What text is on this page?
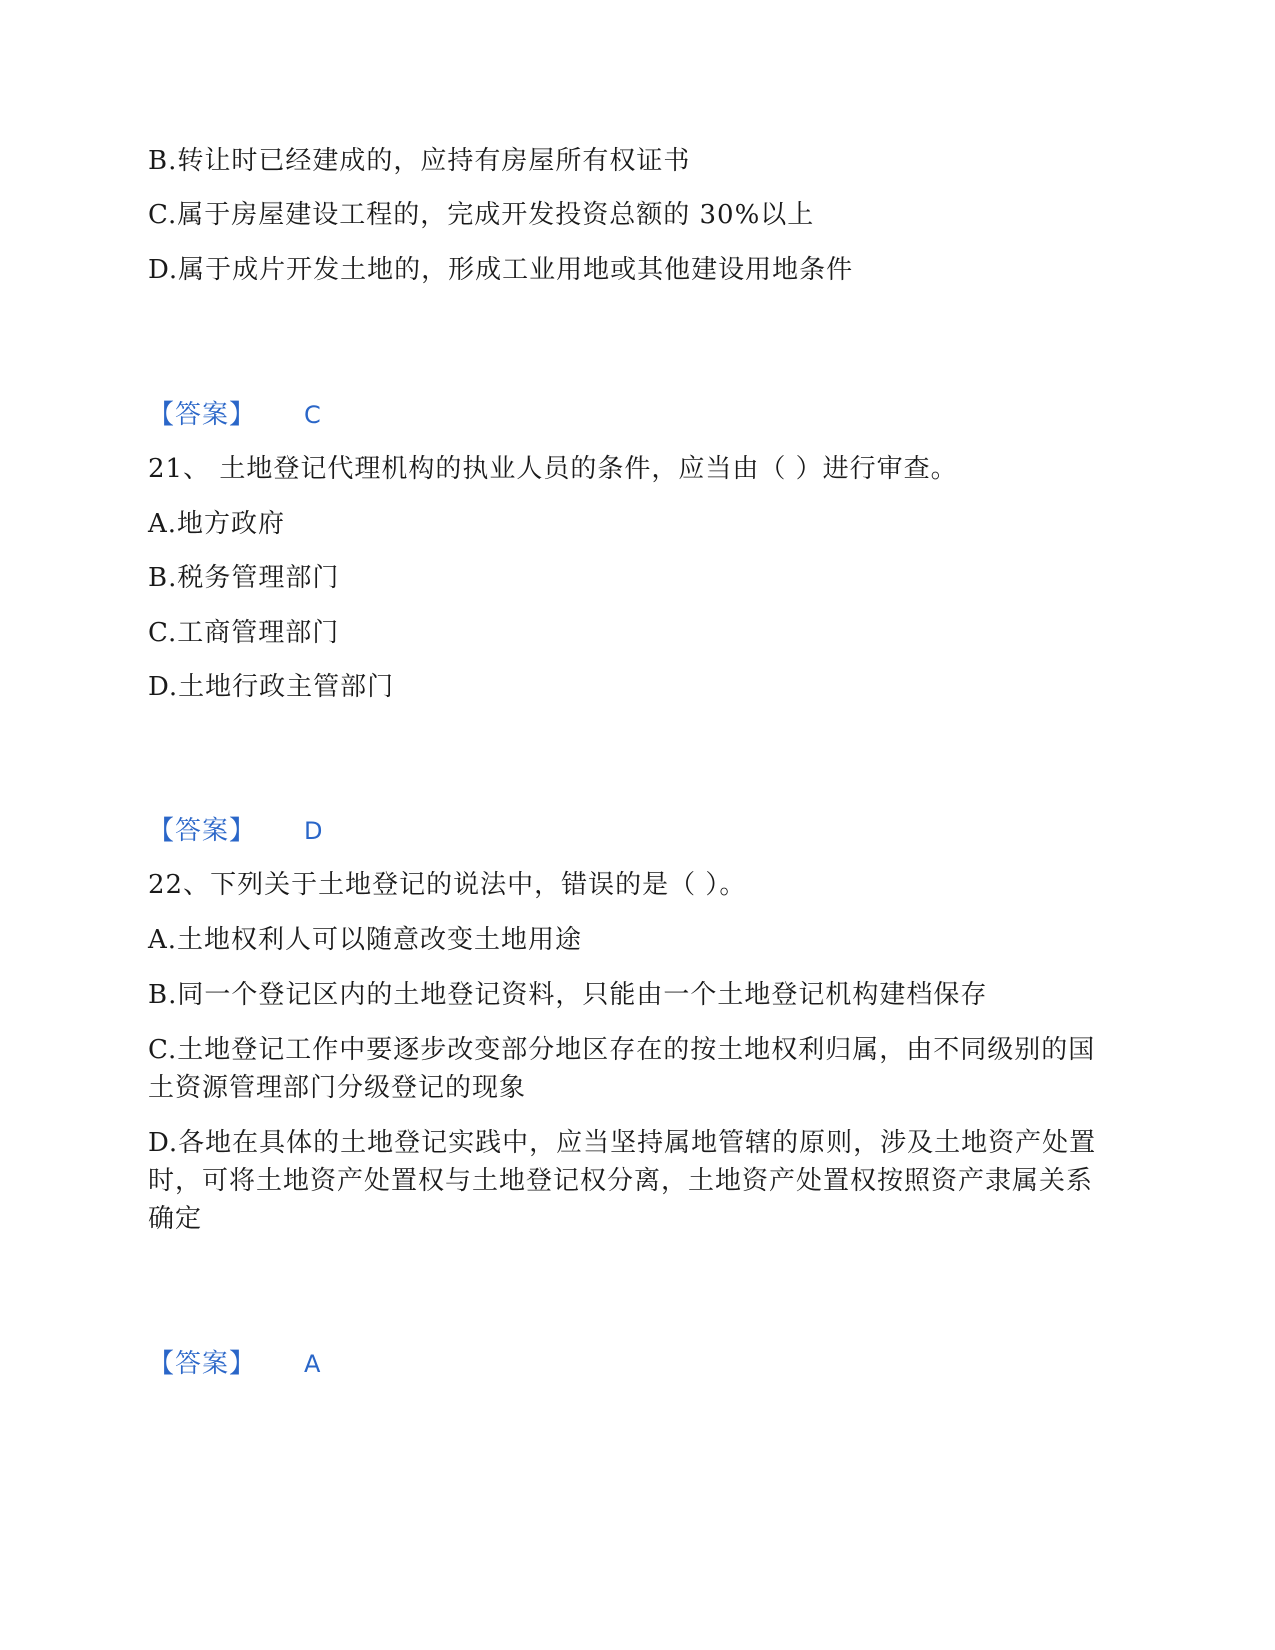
B.转让时已经建成的，应持有房屋所有权证书
C.属于房屋建设工程的，完成开发投资总额的 30%以上
D.属于成片开发土地的，形成工业用地或其他建设用地条件
【答案】 C
21、 土地登记代理机构的执业人员的条件，应当由（ ）进行审查。
A.地方政府
B.税务管理部门
C.工商管理部门
D.土地行政主管部门
【答案】 D
22、下列关于土地登记的说法中，错误的是（ ）。
A.土地权利人可以随意改变土地用途
B.同一个登记区内的土地登记资料，只能由一个土地登记机构建档保存
C.土地登记工作中要逐步改变部分地区存在的按土地权利归属，由不同级别的国土资源管理部门分级登记的现象
D.各地在具体的土地登记实践中，应当坚持属地管辖的原则，涉及土地资产处置时，可将土地资产处置权与土地登记权分离，土地资产处置权按照资产隶属关系确定
【答案】 A
